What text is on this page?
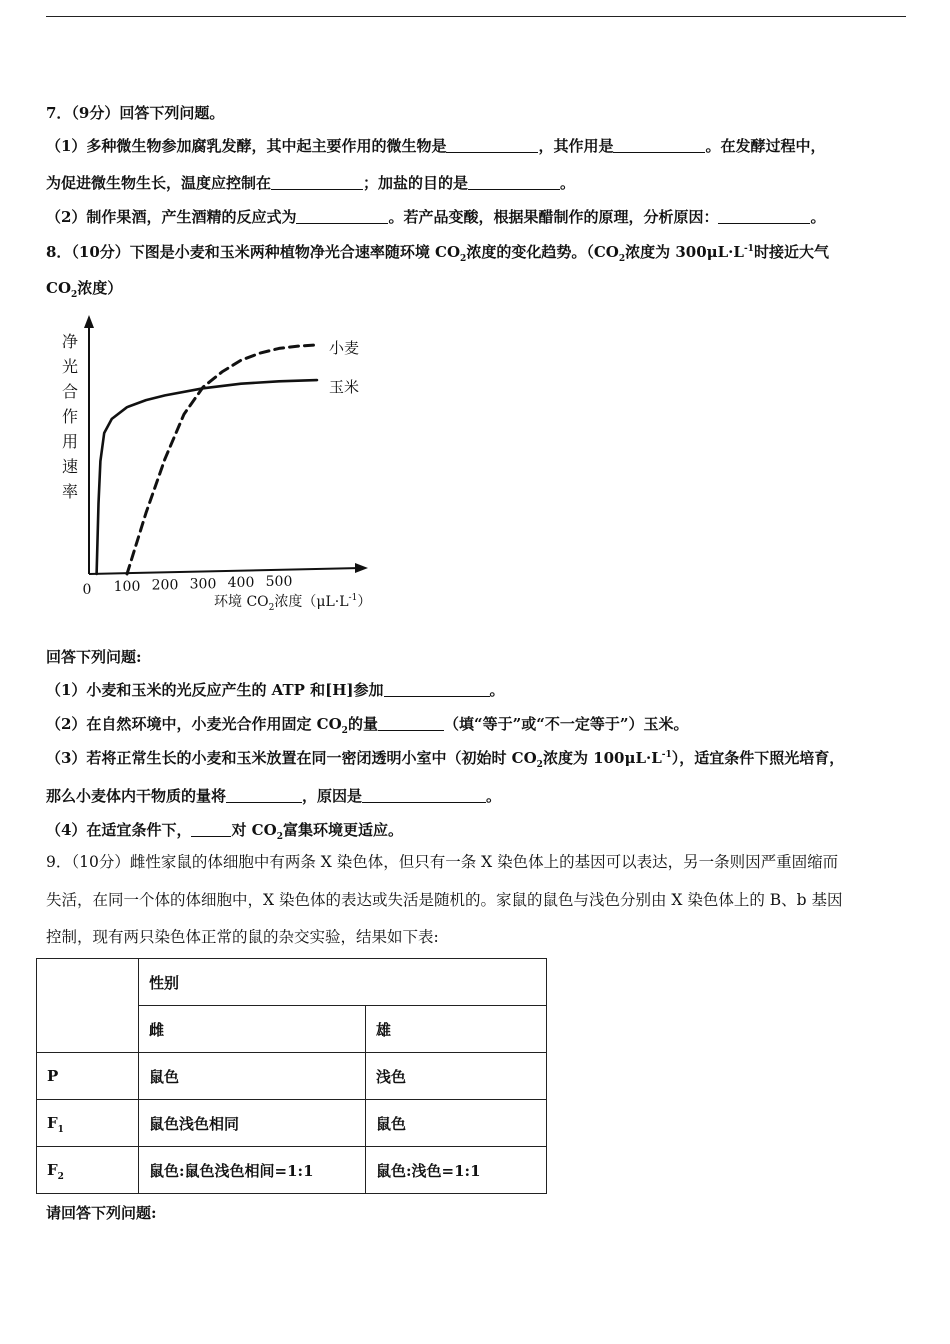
7．（9分）回答下列问题。
（1）多种微生物参加腐乳发酵，其中起主要作用的微生物是	，其作用是	。在发酵过程中，
为促进微生物生长，温度应控制在	；加盐的目的是	。
（2）制作果酒，产生酒精的反应式为	。若产品变酸，根据果醋制作的原理，分析原因：	。
8．（10分）下图是小麦和玉米两种植物净光合速率随环境 $CO_2$浓度的变化趋势。（$CO_2$浓度为 $300\mu L\cdot L^{-1}$时接近大气
$CO_2$浓度）
净
光
合
作
用
速
率
0 100 200 300 400 500
小麦
玉米
环境 $CO_2$浓度$(\mu L\cdot L^{-1})$
回答下列问题:
（1）小麦和玉米的光反应产生的 ATP 和[H]参加	。
（2）在自然环境中，小麦光合作用固定 $CO_2$的量	（填“等于”或“不一定等于”）玉米。
（3）若将正常生长的小麦和玉米放置在同一密闭透明小室中（初始时 $CO_2$浓度为 $100\mu L\cdot L^{-1}$），适宜条件下照光培育，
那么小麦体内干物质的量将	，原因是	。
（4）在适宜条件下，	对 $CO_2$富集环境更适应。
9．（10分）雌性家鼠的体细胞中有两条 X 染色体，但只有一条 X 染色体上的基因可以表达，另一条则因严重固缩而
失活，在同一个体的体细胞中，X 染色体的表达或失活是随机的。家鼠的鼠色与浅色分别由 X 染色体上的 B、b 基因
控制，现有两只染色体正常的鼠的杂交实验，结果如下表:
	性别	
	雌	雄
P	鼠色	浅色
$F_1$	鼠色浅色相同	鼠色
$F_2$	鼠色:鼠色浅色相间=1:1	鼠色:浅色=1:1
请回答下列问题:
